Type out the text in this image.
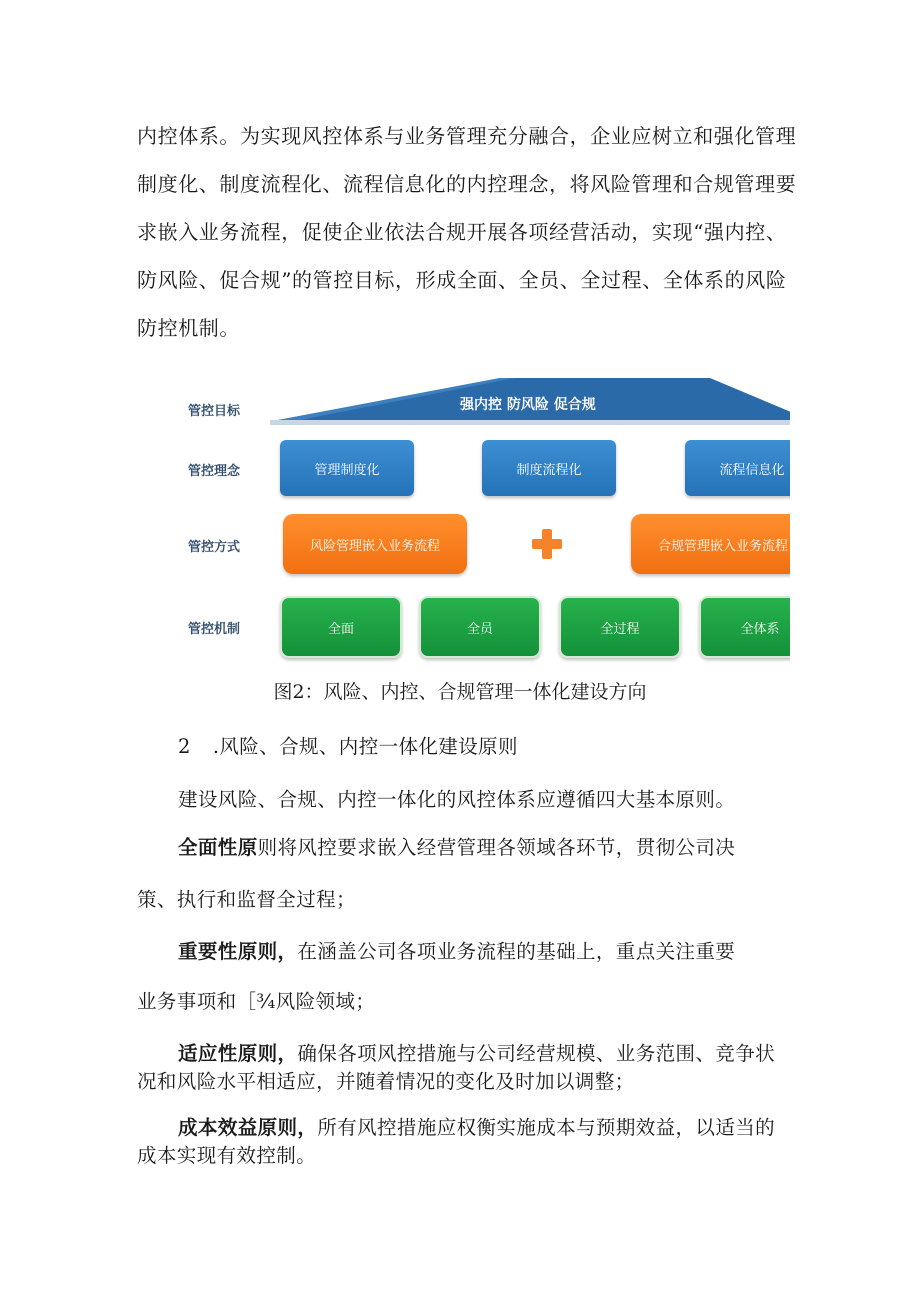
内控体系。为实现风控体系与业务管理充分融合，企业应树立和强化管理
制度化、制度流程化、流程信息化的内控理念，将风险管理和合规管理要
求嵌入业务流程，促使企业依法合规开展各项经营活动，实现“强内控、
防风险、促合规”的管控目标，形成全面、全员、全过程、全体系的风险
防控机制。

强内控 防风险 促合规
管控目标
管控理念
管控方式
管控机制
管理制度化	制度流程化	流程信息化
风险管理嵌入业务流程	合规管理嵌入业务流程
全面	全员	全过程	全体系
图2：风险、内控、合规管理一体化建设方向
2 .风险、合规、内控一体化建设原则
建设风险、合规、内控一体化的风控体系应遵循四大基本原则。
全面性原则将风控要求嵌入经营管理各领域各环节，贯彻公司决
策、执行和监督全过程；
重要性原则，在涵盖公司各项业务流程的基础上，重点关注重要
业务事项和［¾风险领域；
适应性原则，确保各项风控措施与公司经营规模、业务范围、竞争状
况和风险水平相适应，并随着情况的变化及时加以调整；
成本效益原则，所有风控措施应权衡实施成本与预期效益，以适当的
成本实现有效控制。
